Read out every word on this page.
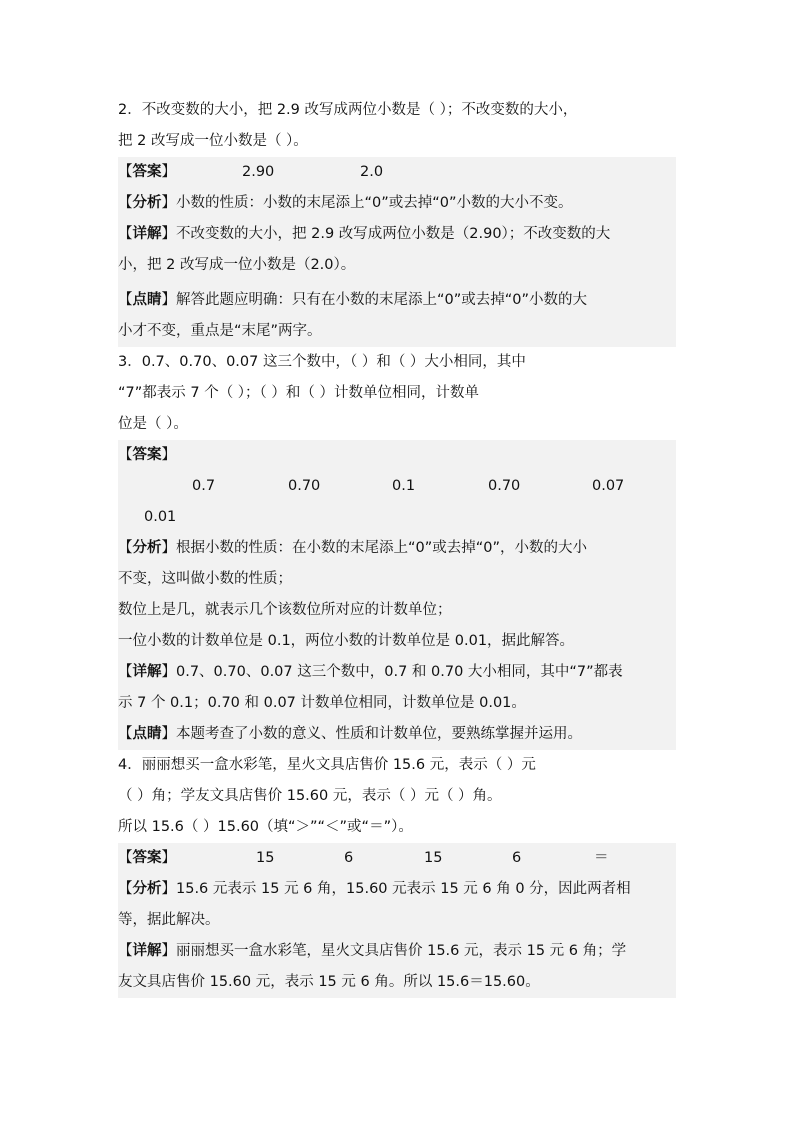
2．不改变数的大小，把 2.9 改写成两位小数是（ ）；不改变数的大小，
把 2 改写成一位小数是（ ）。
【 答案 】	2.90	2.0
【 分析 】 小数的性质：小数的末尾添上“0”或去掉“0”小数的大小不变。
【 详解 】 不改变数的大小，把 2.9 改写成两位小数是（2.90）；不改变数的大
小，把 2 改写成一位小数是（2.0）。
【 点睛 】 解答此题应明确：只有在小数的末尾添上“0”或去掉“0”小数的大
小才不变，重点是“末尾”两字。
3．0.7、0.70、0.07 这三个数中，（ ）和（ ）大小相同，其中
“7”都表示 7 个（ ）；（ ）和（ ）计数单位相同，计数单
位是（ ）。
【 答案 】
0.7	0.70	0.1	0.70	0.07
0.01
【 分析 】 根据小数的性质：在小数的末尾添上“0”或去掉“0”，小数的大小
不变，这叫做小数的性质；
数位上是几，就表示几个该数位所对应的计数单位；
一位小数的计数单位是 0.1，两位小数的计数单位是 0.01，据此解答。
【 详解 】 0.7、0.70、0.07 这三个数中，0.7 和 0.70 大小相同，其中“7”都表
示 7 个 0.1；0.70 和 0.07 计数单位相同，计数单位是 0.01。
【 点睛 】 本题考查了小数的意义、性质和计数单位，要熟练掌握并运用。
4．丽丽想买一盒水彩笔，星火文具店售价 15.6 元，表示（ ）元
（ ）角；学友文具店售价 15.60 元，表示（ ）元（ ）角。
所以 15.6（ ）15.60（填“＞”“＜”或“＝”）。
【 答案 】	15	6	15	6	＝
【 分析 】 15.6 元表示 15 元 6 角，15.60 元表示 15 元 6 角 0 分，因此两者相
等，据此解决。
【 详解 】 丽丽想买一盒水彩笔，星火文具店售价 15.6 元，表示 15 元 6 角；学
友文具店售价 15.60 元，表示 15 元 6 角。所以 15.6＝15.60。
